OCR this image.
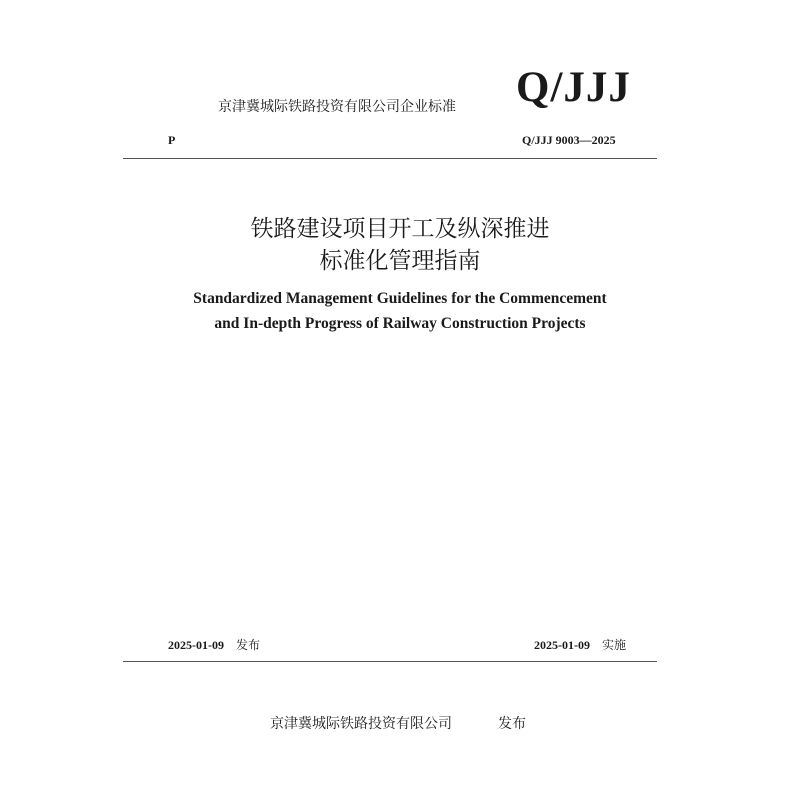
京津冀城际铁路投资有限公司企业标准 Q/JJJ
P	Q/JJJ 9003—2025
铁路建设项目开工及纵深推进
标准化管理指南
Standardized Management Guidelines for the Commencement
and In-depth Progress of Railway Construction Projects
2025-01-09 发布	2025-01-09 实施
京津冀城际铁路投资有限公司	发布
